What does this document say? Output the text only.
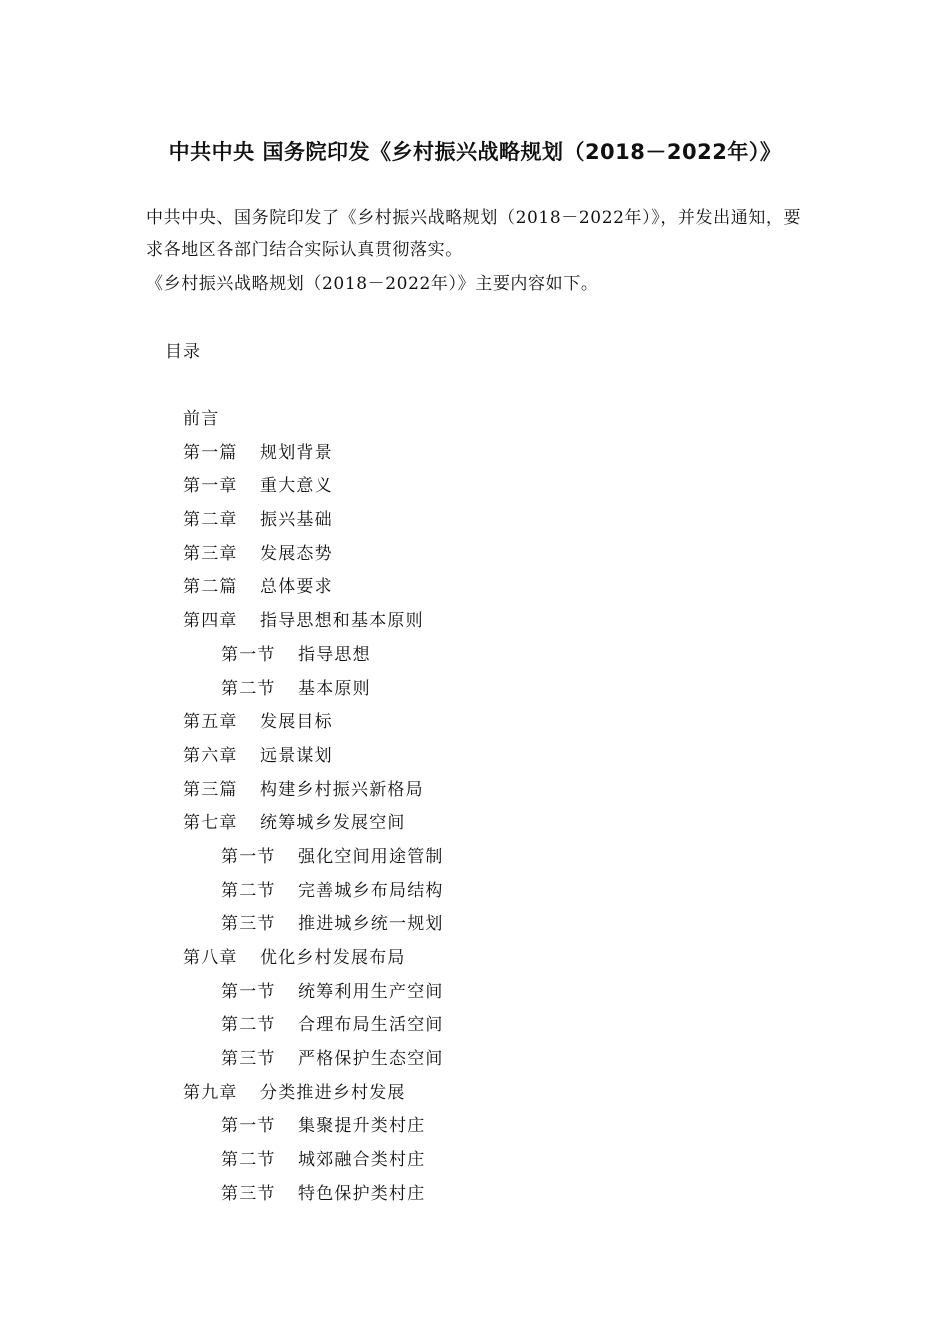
中共中央 国务院印发《乡村振兴战略规划（2018－2022年）》
中共中央、国务院印发了《乡村振兴战略规划（2018－2022年）》，并发出通知，要求各地区各部门结合实际认真贯彻落实。
《乡村振兴战略规划（2018－2022年）》主要内容如下。
目录
前言
第一篇 规划背景
第一章 重大意义
第二章 振兴基础
第三章 发展态势
第二篇 总体要求
第四章 指导思想和基本原则
第一节 指导思想
第二节 基本原则
第五章 发展目标
第六章 远景谋划
第三篇 构建乡村振兴新格局
第七章 统筹城乡发展空间
第一节 强化空间用途管制
第二节 完善城乡布局结构
第三节 推进城乡统一规划
第八章 优化乡村发展布局
第一节 统筹利用生产空间
第二节 合理布局生活空间
第三节 严格保护生态空间
第九章 分类推进乡村发展
第一节 集聚提升类村庄
第二节 城郊融合类村庄
第三节 特色保护类村庄
